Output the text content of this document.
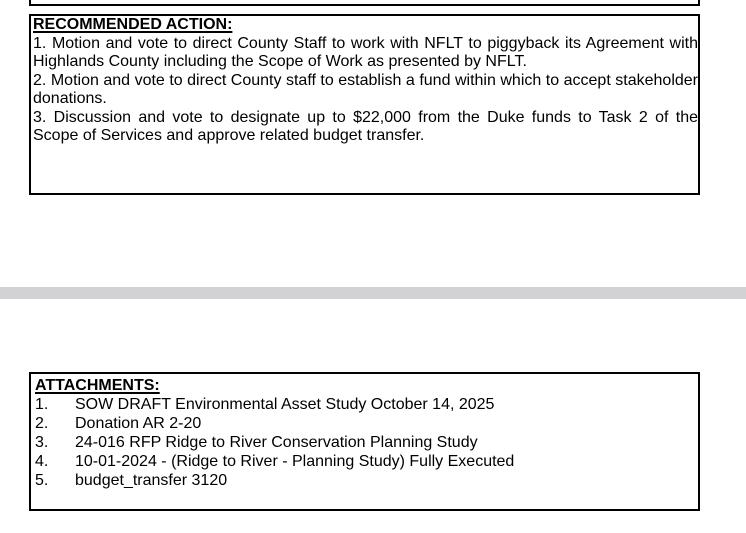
RECOMMENDED ACTION:

1. Motion and vote to direct County Staff to work with NFLT to piggyback its Agreement with Highlands County including the Scope of Work as presented by NFLT.

2. Motion and vote to direct County staff to establish a fund within which to accept stakeholder donations.

3. Discussion and vote to designate up to $22,000 from the Duke funds to Task 2 of the Scope of Services and approve related budget transfer.

ATTACHMENTS:
1.	SOW DRAFT Environmental Asset Study October 14, 2025
2.	Donation AR 2-20
3.	24-016 RFP Ridge to River Conservation Planning Study
4.	10-01-2024 - (Ridge to River - Planning Study) Fully Executed
5.	budget_transfer 3120
